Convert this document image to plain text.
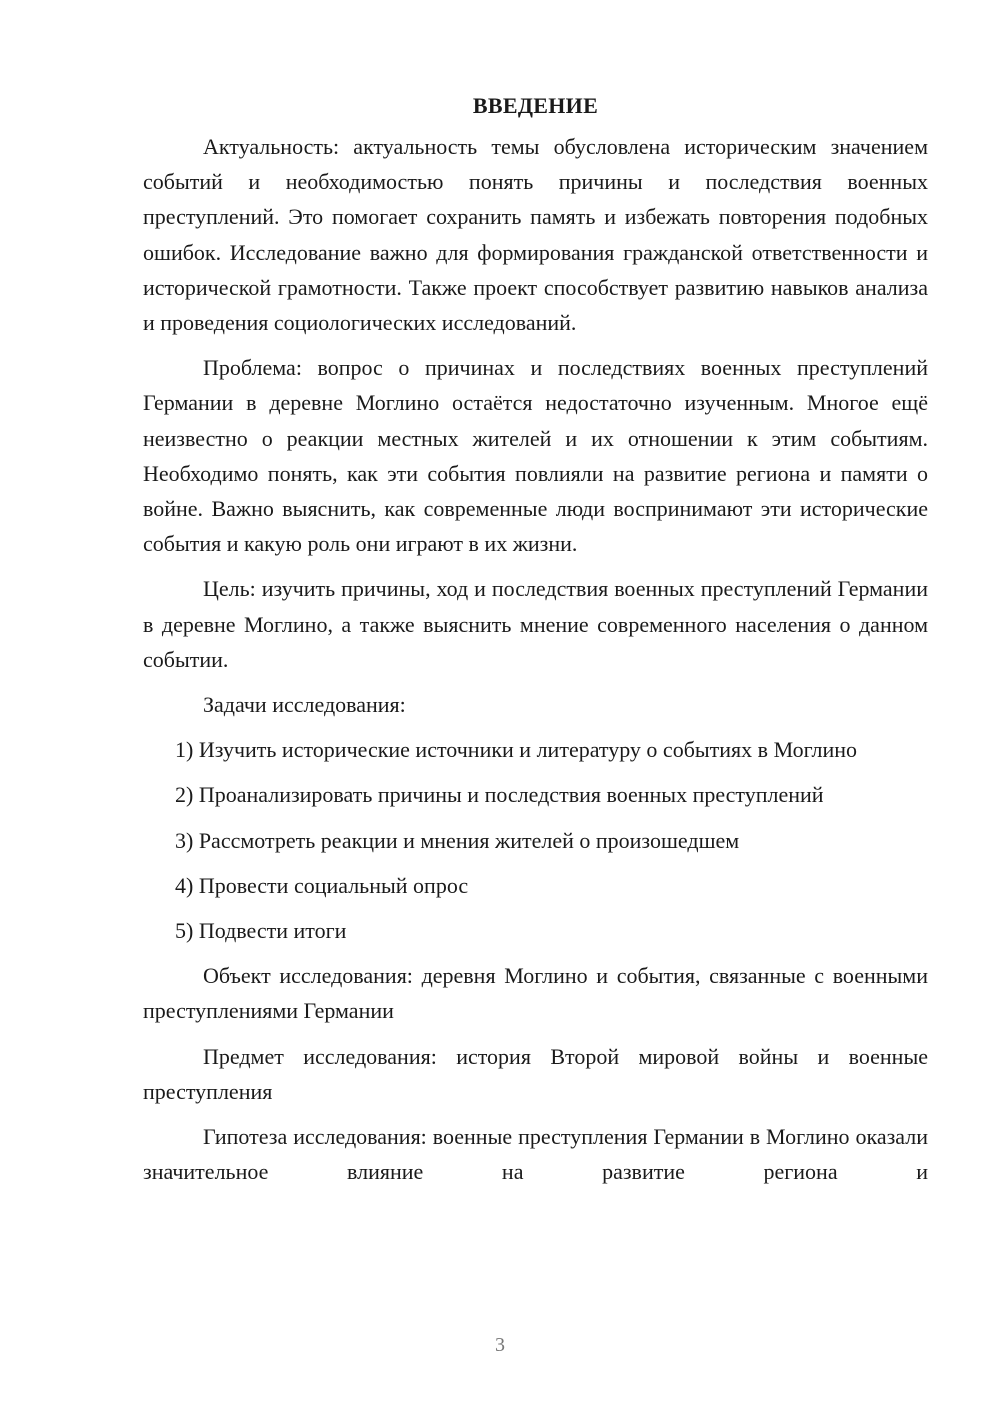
ВВЕДЕНИЕ

Актуальность: актуальность темы обусловлена историческим значением событий и необходимостью понять причины и последствия военных преступлений. Это помогает сохранить память и избежать повторения подобных ошибок. Исследование важно для формирования гражданской ответственности и исторической грамотности. Также проект способствует развитию навыков анализа и проведения социологических исследований.

Проблема: вопрос о причинах и последствиях военных преступлений Германии в деревне Моглино остаётся недостаточно изученным. Многое ещё неизвестно о реакции местных жителей и их отношении к этим событиям. Необходимо понять, как эти события повлияли на развитие региона и памяти о войне. Важно выяснить, как современные люди воспринимают эти исторические события и какую роль они играют в их жизни.

Цель: изучить причины, ход и последствия военных преступлений Германии в деревне Моглино, а также выяснить мнение современного населения о данном событии.

Задачи исследования:

1) Изучить исторические источники и литературу о событиях в Моглино

2) Проанализировать причины и последствия военных преступлений

3) Рассмотреть реакции и мнения жителей о произошедшем

4) Провести социальный опрос

5) Подвести итоги

Объект исследования: деревня Моглино и события, связанные с военными преступлениями Германии

Предмет исследования: история Второй мировой войны и военные преступления

Гипотеза исследования: военные преступления Германии в Моглино оказали значительное влияние на развитие региона и

3
